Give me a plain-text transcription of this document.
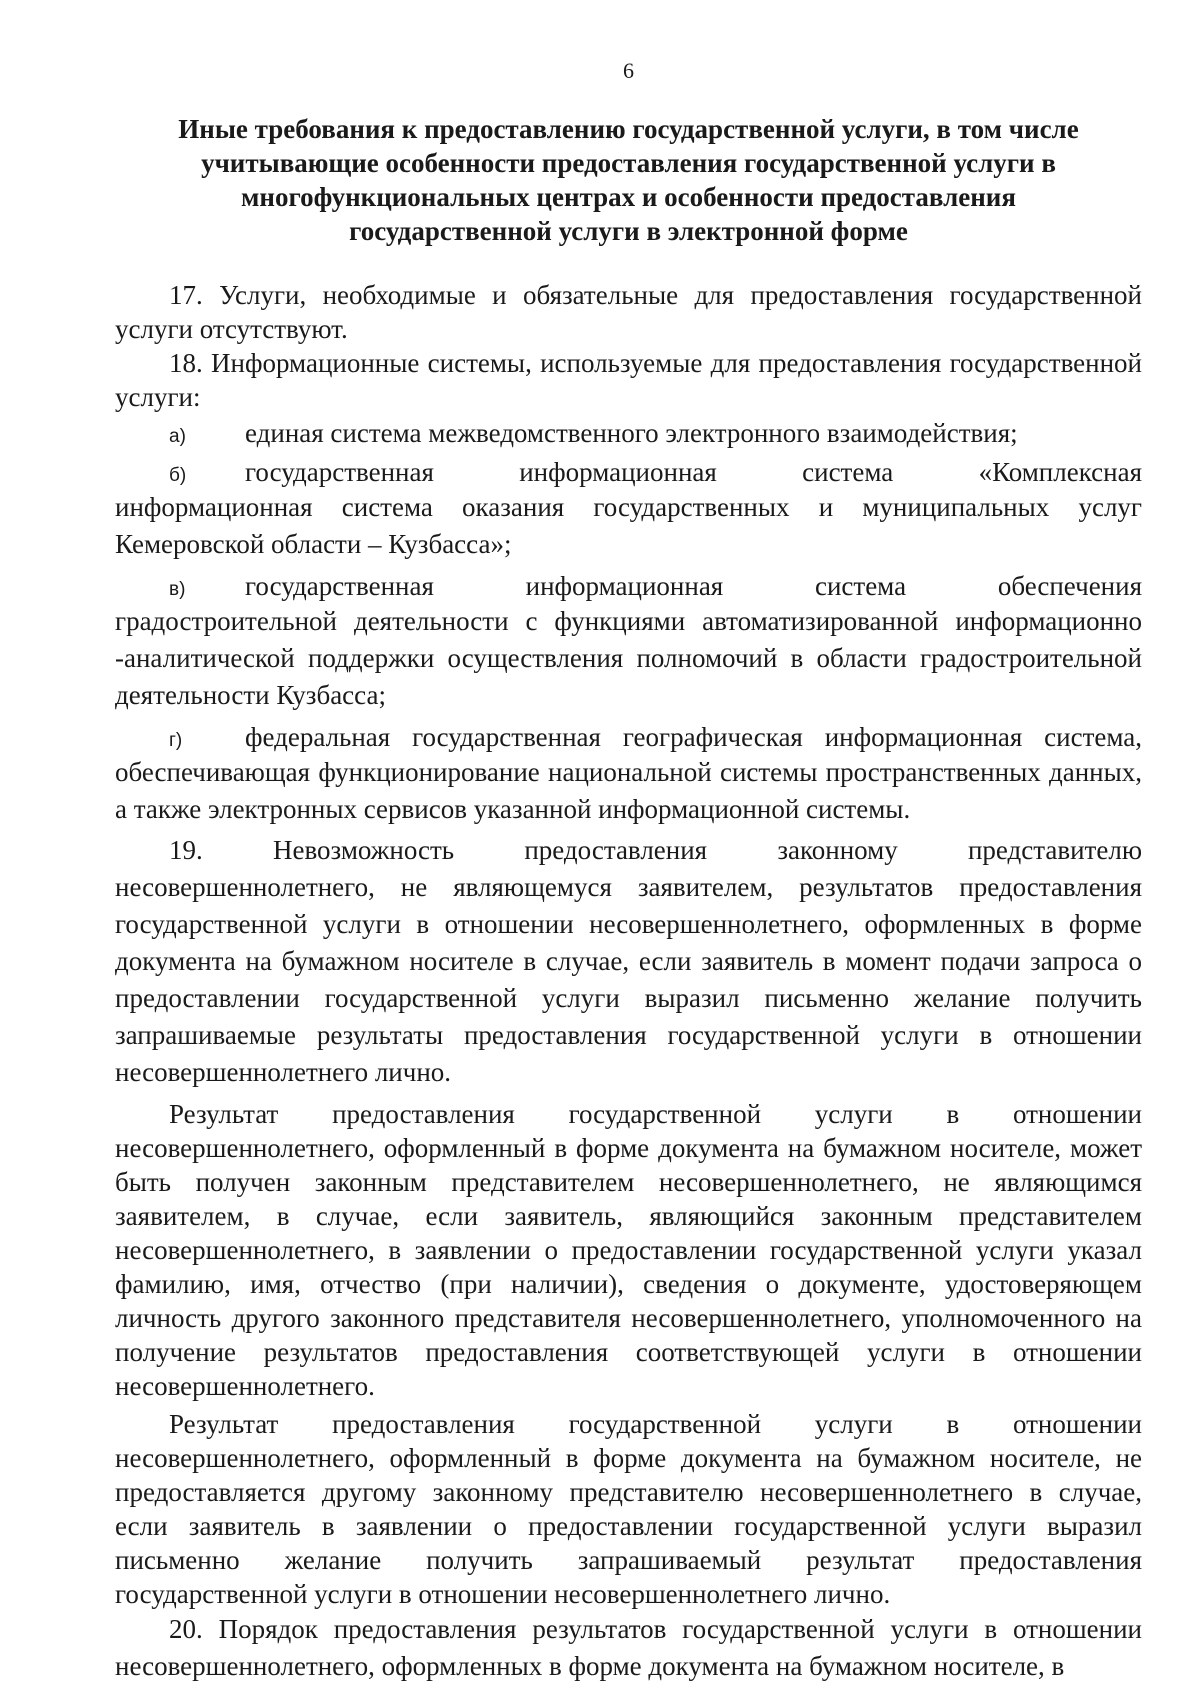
6
Иные требования к предоставлению государственной услуги, в том числе
учитывающие особенности предоставления государственной услуги в
многофункциональных центрах и особенности предоставления
государственной услуги в электронной форме

17. Услуги, необходимые и обязательные для предоставления государственной услуги отсутствуют.

18. Информационные системы, используемые для предоставления государственной услуги:

а)	единая система межведомственного электронного взаимодействия;
б)	государственная информационная система «Комплексная

информационная система оказания государственных и муниципальных услуг Кемеровской области – Кузбасса»;

в)	государственная информационная система обеспечения

градостроительной деятельности с функциями автоматизированной информационно -аналитической поддержки осуществления полномочий в области градостроительной деятельности Кузбасса;

г)	федеральная государственная географическая информационная система,

обеспечивающая функционирование национальной системы пространственных данных, а также электронных сервисов указанной информационной системы.

19. Невозможность предоставления законному представителю несовершеннолетнего, не являющемуся заявителем, результатов предоставления государственной услуги в отношении несовершеннолетнего, оформленных в форме документа на бумажном носителе в случае, если заявитель в момент подачи запроса о предоставлении государственной услуги выразил письменно желание получить запрашиваемые результаты предоставления государственной услуги в отношении несовершеннолетнего лично.

Результат предоставления государственной услуги в отношении несовершеннолетнего, оформленный в форме документа на бумажном носителе, может быть получен законным представителем несовершеннолетнего, не являющимся заявителем, в случае, если заявитель, являющийся законным представителем несовершеннолетнего, в заявлении о предоставлении государственной услуги указал фамилию, имя, отчество (при наличии), сведения о документе, удостоверяющем личность другого законного представителя несовершеннолетнего, уполномоченного на получение результатов предоставления соответствующей услуги в отношении несовершеннолетнего.

Результат предоставления государственной услуги в отношении несовершеннолетнего, оформленный в форме документа на бумажном носителе, не предоставляется другому законному представителю несовершеннолетнего в случае, если заявитель в заявлении о предоставлении государственной услуги выразил письменно желание получить запрашиваемый результат предоставления государственной услуги в отношении несовершеннолетнего лично.

20. Порядок предоставления результатов государственной услуги в отношении несовершеннолетнего, оформленных в форме документа на бумажном носителе, в
